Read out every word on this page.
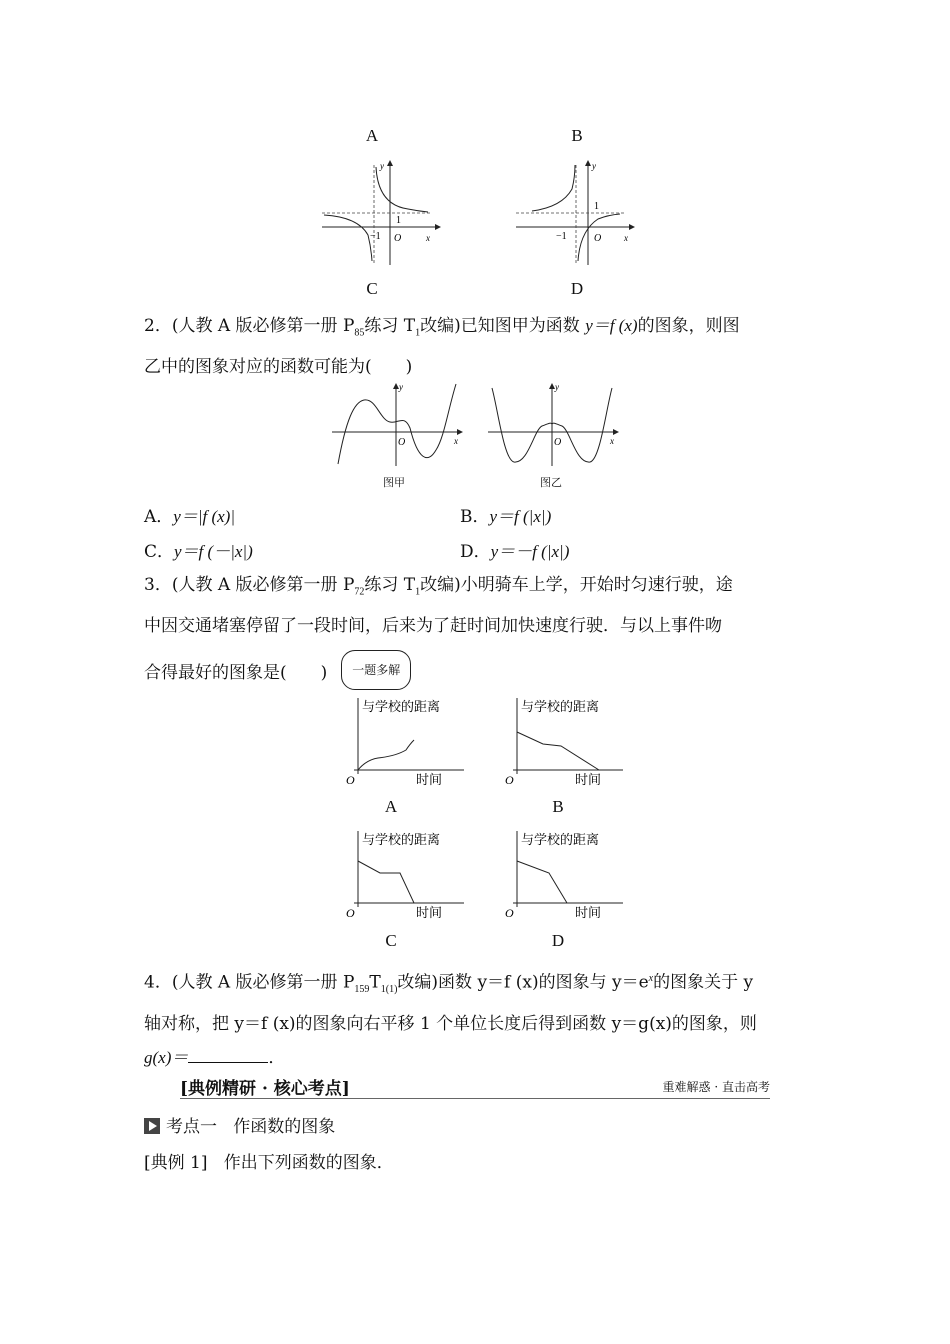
A	B
y
x
O
1
−1
y
x
O
1
−1
C	D
2．(人教 A 版必修第一册 $P_{85}$练习 $T_1$改编)已知图甲为函数 y＝f (x)的图象，则图
乙中的图象对应的函数可能为(　　)
y
x
O
图甲
y
x
O
图乙
A．y＝|f (x)|	B．y＝f (|x|)
C．y＝f (－|x|)	D．y＝－f (|x|)
3．(人教 A 版必修第一册 $P_{72}$练习 $T_1$改编)小明骑车上学，开始时匀速行驶，途
中因交通堵塞停留了一段时间，后来为了赶时间加快速度行驶．与以上事件吻
合得最好的图象是(　　) 一题多解
与学校的距离
时间
O
与学校的距离
时间
O
A	B
与学校的距离
时间
O
与学校的距离
时间
O
C	D
4．(人教 A 版必修第一册 $P_{159}T_{1(1)}$改编)函数 y＝f (x)的图象与 $y=e^x$的图象关于 y
轴对称，把 y＝f (x)的图象向右平移 1 个单位长度后得到函数 y＝g(x)的图象，则
g(x)＝	．
[典例精研 · 核心考点]	重难解惑 · 直击高考
考点一 作函数的图象
[典例 1] 作出下列函数的图象．
